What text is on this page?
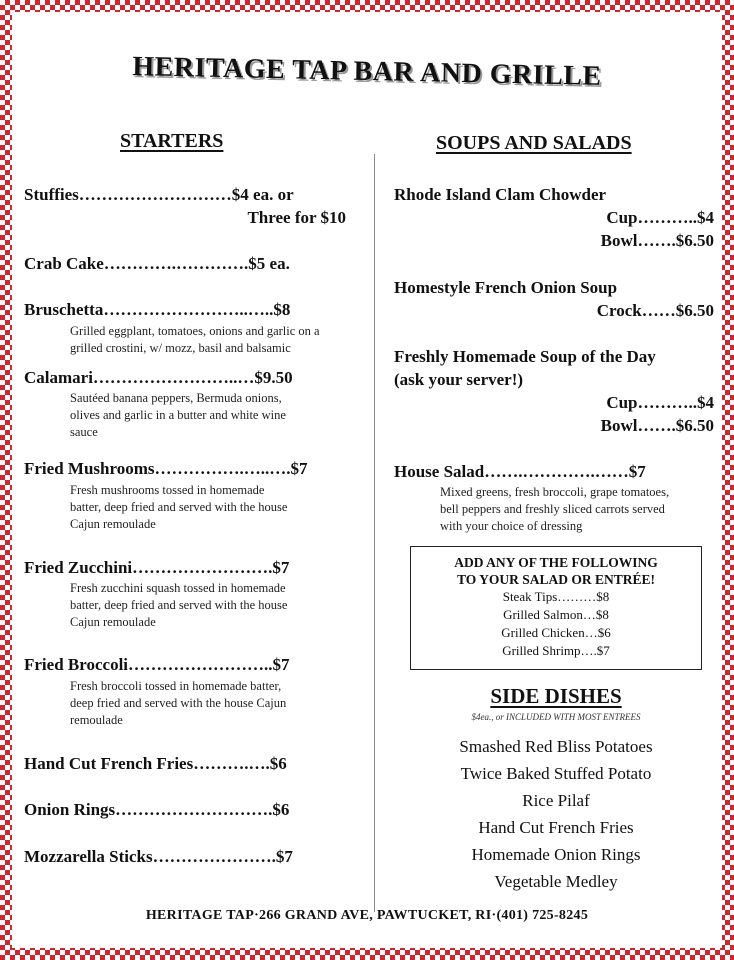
HERITAGE TAP BAR AND GRILLE
STARTERS	SOUPS AND SALADS
Stuffies………………………$4 ea. or
Three for $10
Crab Cake………….………….$5 ea.
Bruschetta……………………..…..$8
Grilled eggplant, tomatoes, onions and garlic on a
grilled crostini, w/ mozz, basil and balsamic
Calamari……………………..…$9.50
Sautéed banana peppers, Bermuda onions,
olives and garlic in a butter and white wine
sauce
Fried Mushrooms…………….…..….$7
Fresh mushrooms tossed in homemade
batter, deep fried and served with the house
Cajun remoulade
Fried Zucchini…………………….$7
Fresh zucchini squash tossed in homemade
batter, deep fried and served with the house
Cajun remoulade
Fried Broccoli……………………..$7
Fresh broccoli tossed in homemade batter,
deep fried and served with the house Cajun
remoulade
Hand Cut French Fries……….….$6
Onion Rings……………………….$6
Mozzarella Sticks………………….$7
Rhode Island Clam Chowder
Cup………..$4
Bowl…….$6.50
Homestyle French Onion Soup
Crock……$6.50
Freshly Homemade Soup of the Day
(ask your server!)
Cup………..$4
Bowl…….$6.50
House Salad…….………….……$7
Mixed greens, fresh broccoli, grape tomatoes,
bell peppers and freshly sliced carrots served
with your choice of dressing
ADD ANY OF THE FOLLOWING
TO YOUR SALAD OR ENTRÉE!
Steak Tips………$8
Grilled Salmon…$8
Grilled Chicken…$6
Grilled Shrimp….$7
SIDE DISHES
$4ea., or INCLUDED WITH MOST ENTREES
Smashed Red Bliss Potatoes
Twice Baked Stuffed Potato
Rice Pilaf
Hand Cut French Fries
Homemade Onion Rings
Vegetable Medley
HERITAGE TAP·266 GRAND AVE, PAWTUCKET, RI·(401) 725-8245
